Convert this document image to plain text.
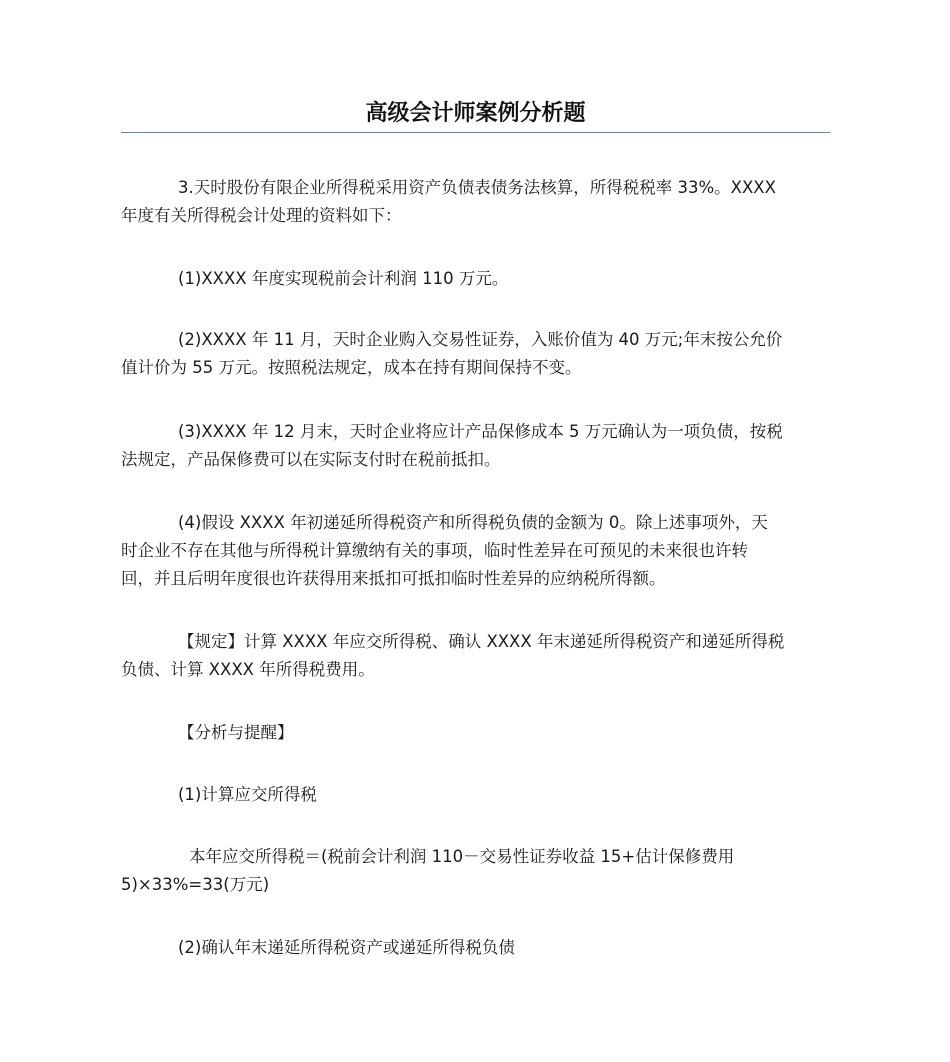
高级会计师案例分析题

3.天时股份有限企业所得税采用资产负债表债务法核算，所得税税率 33%。XXXX
年度有关所得税会计处理的资料如下：

(1)XXXX 年度实现税前会计利润 110 万元。

(2)XXXX 年 11 月，天时企业购入交易性证券，入账价值为 40 万元;年末按公允价
值计价为 55 万元。按照税法规定，成本在持有期间保持不变。

(3)XXXX 年 12 月末，天时企业将应计产品保修成本 5 万元确认为一项负债，按税
法规定，产品保修费可以在实际支付时在税前抵扣。

(4)假设 XXXX 年初递延所得税资产和所得税负债的金额为 0。除上述事项外，天
时企业不存在其他与所得税计算缴纳有关的事项，临时性差异在可预见的未来很也许转
回，并且后明年度很也许获得用来抵扣可抵扣临时性差异的应纳税所得额。

【规定】计算 XXXX 年应交所得税、确认 XXXX 年末递延所得税资产和递延所得税
负债、计算 XXXX 年所得税费用。

【分析与提醒】

(1)计算应交所得税

本年应交所得税＝(税前会计利润 110－交易性证券收益 15+估计保修费用
5)×33%=33(万元)

(2)确认年末递延所得税资产或递延所得税负债
